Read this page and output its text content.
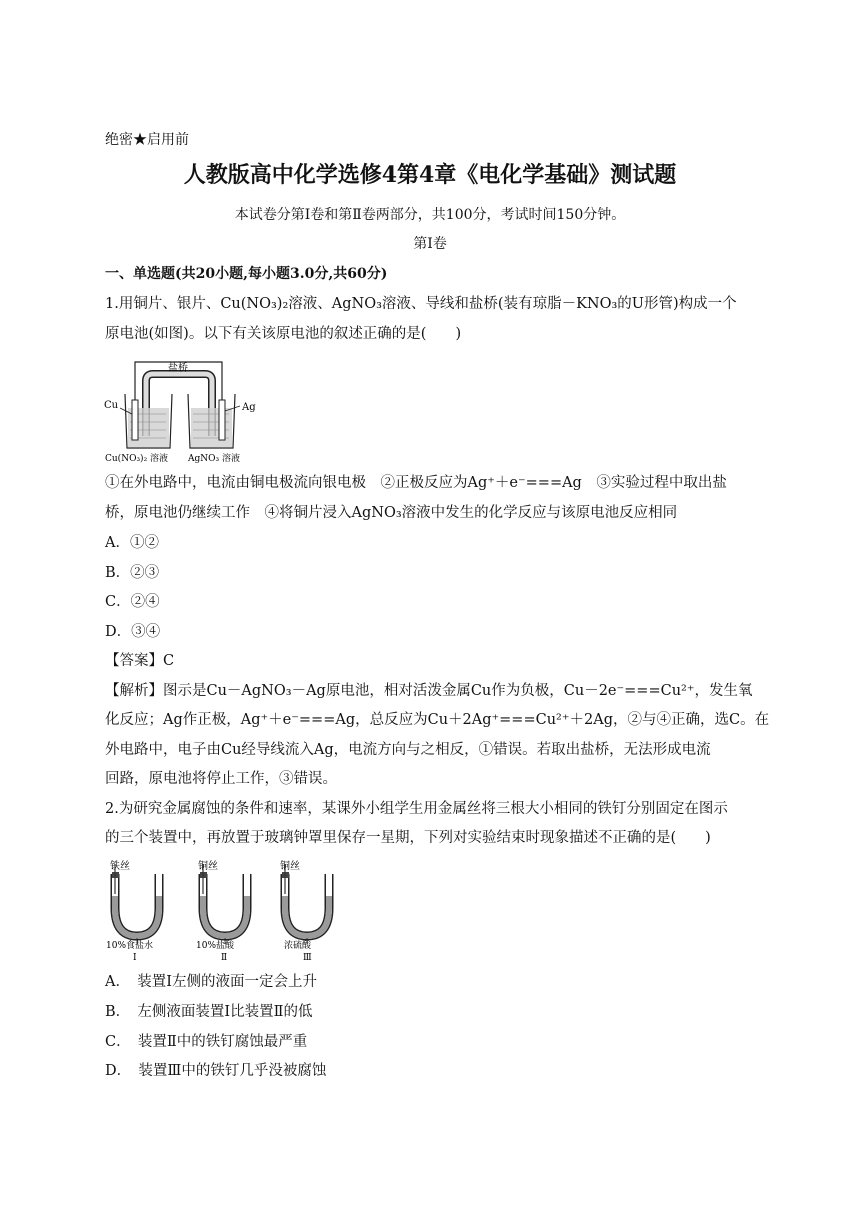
绝密★启用前
人教版高中化学选修4第4章《电化学基础》测试题
本试卷分第Ⅰ卷和第Ⅱ卷两部分，共100分，考试时间150分钟。
第Ⅰ卷
一、单选题(共20小题,每小题3.0分,共60分)
1.用铜片、银片、Cu(NO₃)₂溶液、AgNO₃溶液、导线和盐桥(装有琼脂－KNO₃的U形管)构成一个
原电池(如图)。以下有关该原电池的叙述正确的是(　　)
盐桥
Cu	Ag
Cu(NO₃)₂ 溶液 AgNO₃ 溶液
①在外电路中，电流由铜电极流向银电极　②正极反应为Ag⁺＋e⁻===Ag　③实验过程中取出盐
桥，原电池仍继续工作　④将铜片浸入AgNO₃溶液中发生的化学反应与该原电池反应相同
A．①②
B．②③
C．②④
D．③④
【答案】C
【解析】图示是Cu－AgNO₃－Ag原电池，相对活泼金属Cu作为负极，Cu－2e⁻===Cu²⁺，发生氧
化反应；Ag作正极，Ag⁺＋e⁻===Ag，总反应为Cu＋2Ag⁺===Cu²⁺＋2Ag，②与④正确，选C。在
外电路中，电子由Cu经导线流入Ag，电流方向与之相反，①错误。若取出盐桥，无法形成电流
回路，原电池将停止工作，③错误。
2.为研究金属腐蚀的条件和速率，某课外小组学生用金属丝将三根大小相同的铁钉分别固定在图示
的三个装置中，再放置于玻璃钟罩里保存一星期，下列对实验结束时现象描述不正确的是(　　)
铁丝
10%食盐水
Ⅰ
铜丝
10%盐酸
Ⅱ
铜丝
浓硫酸
Ⅲ
A．　装置Ⅰ左侧的液面一定会上升
B．　左侧液面装置Ⅰ比装置Ⅱ的低
C．　装置Ⅱ中的铁钉腐蚀最严重
D．　装置Ⅲ中的铁钉几乎没被腐蚀
